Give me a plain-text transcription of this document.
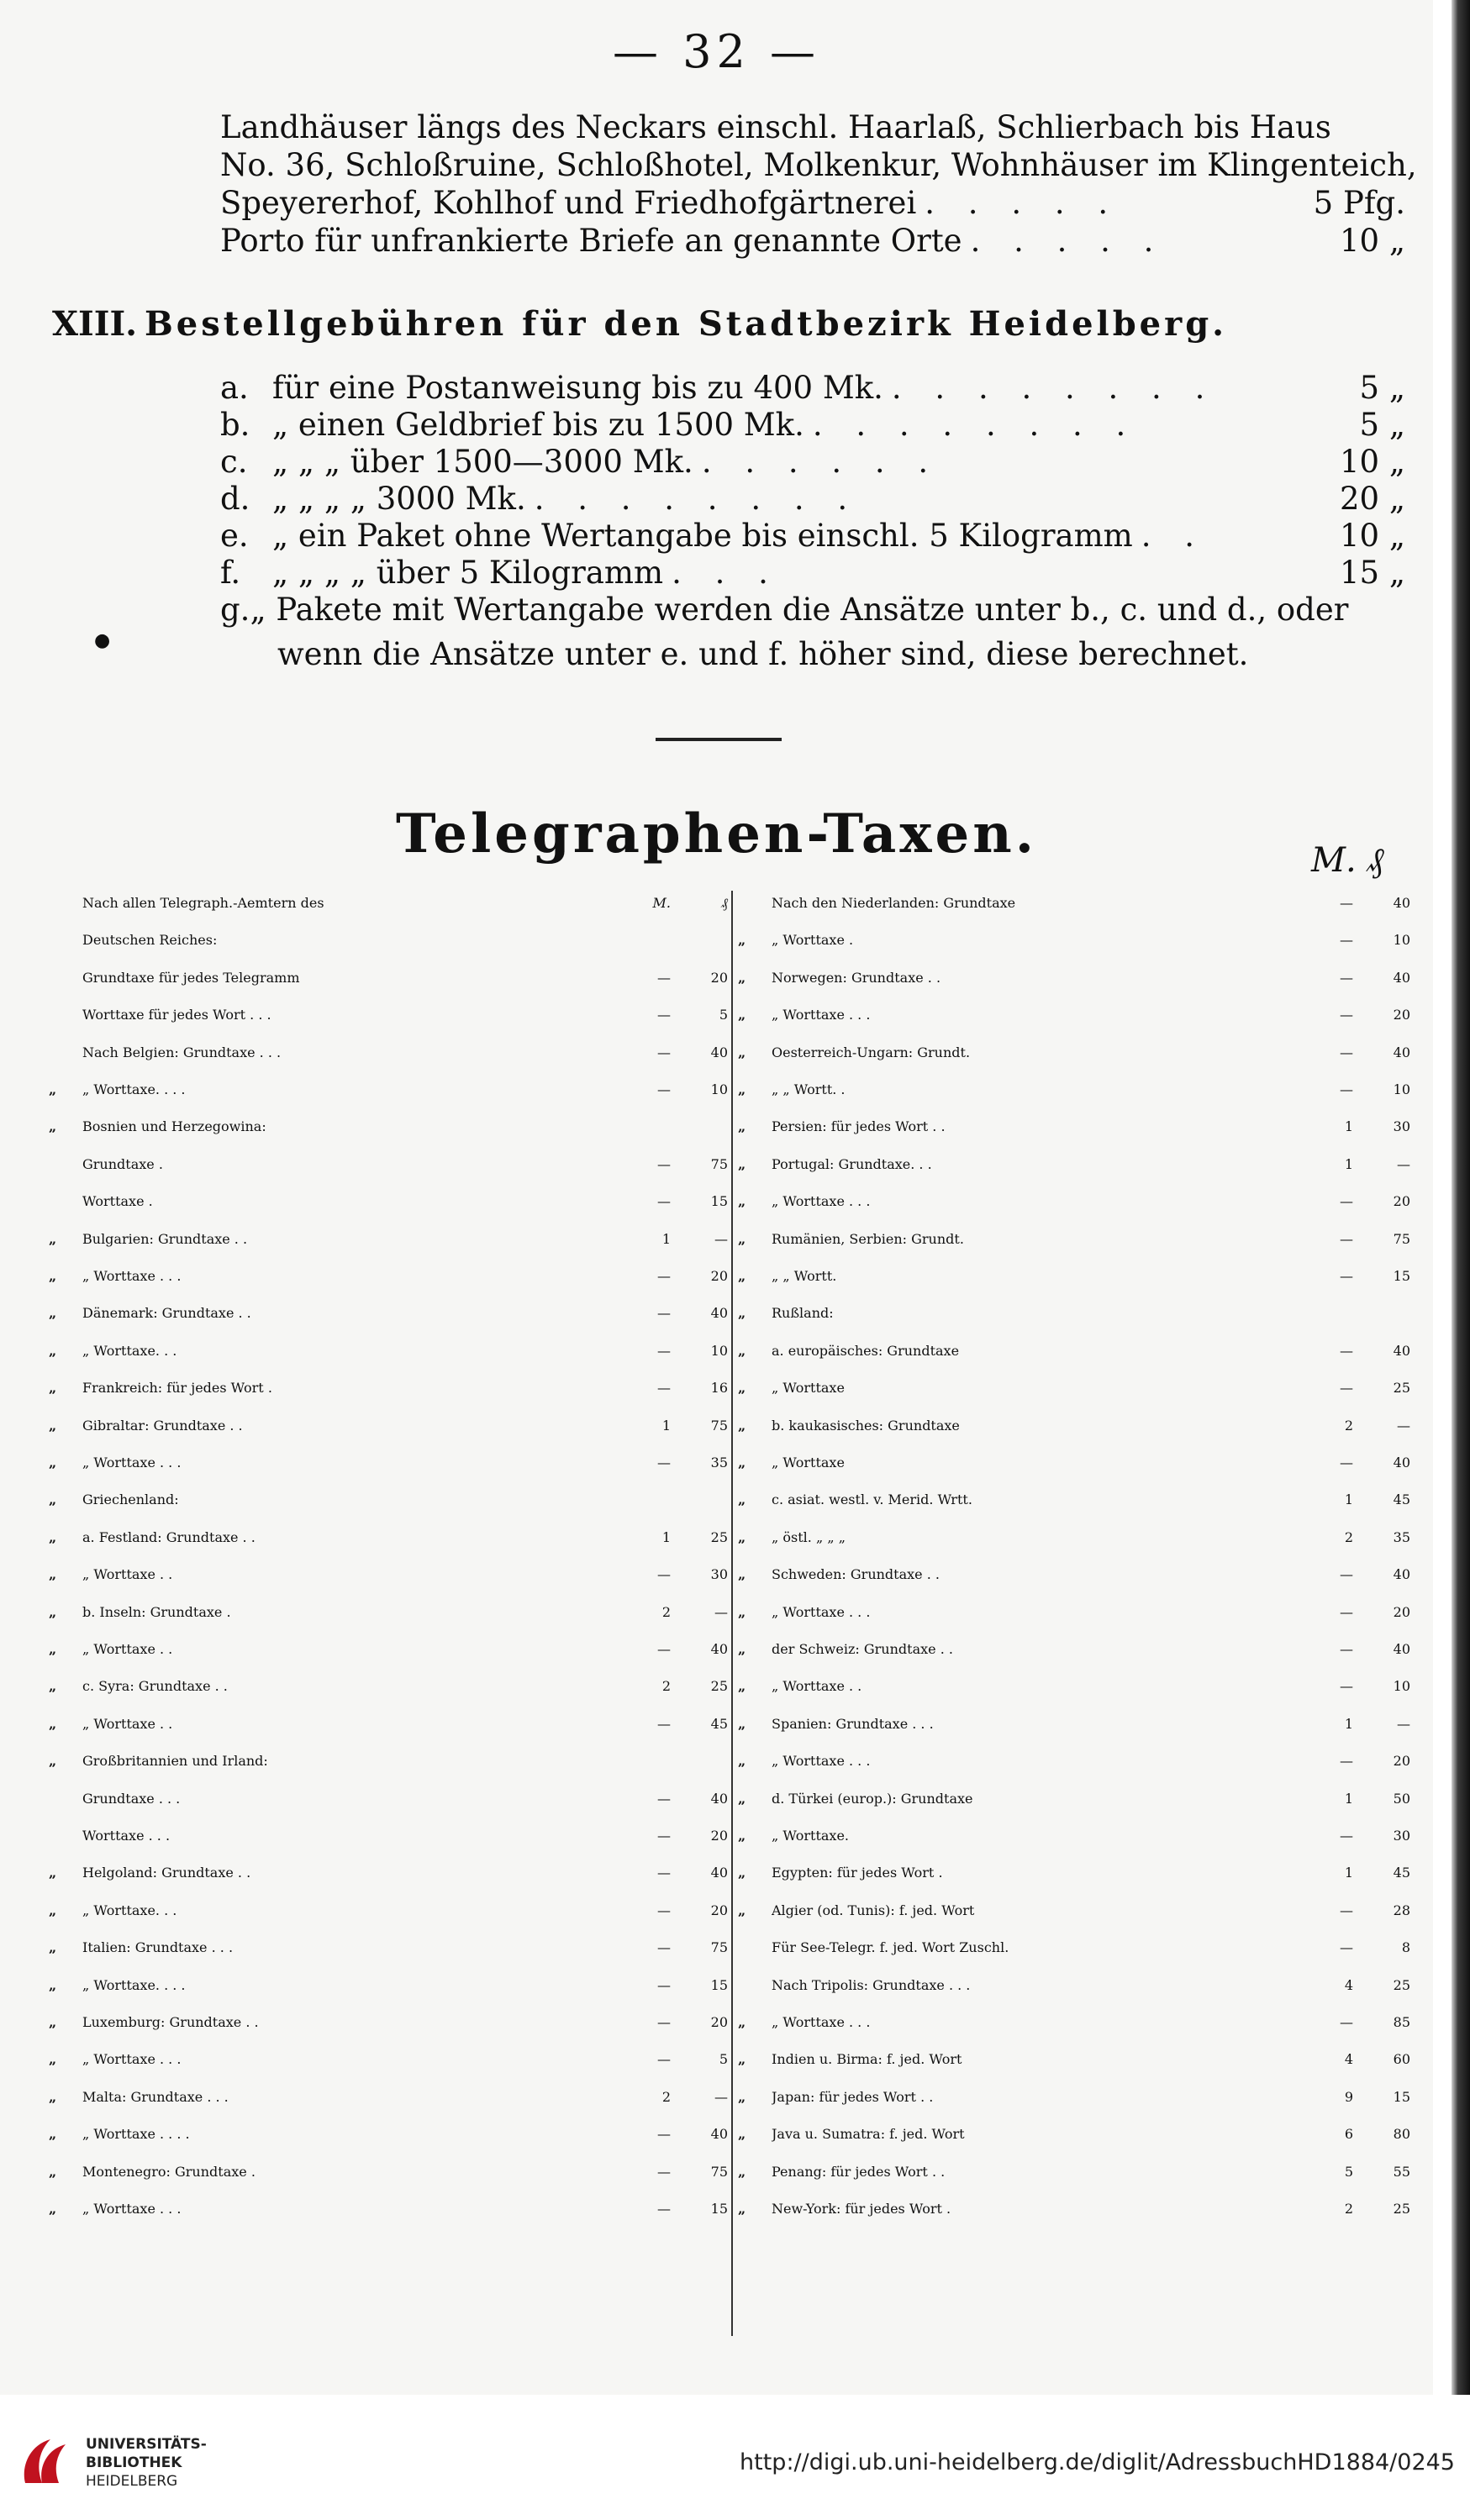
— 32 —
Landhäuser längs des Neckars einschl. Haarlaß, Schlierbach bis Haus
No. 36, Schloßruine, Schloßhotel, Molkenkur, Wohnhäuser im Klingenteich,
Speyererhof, Kohlhof und Friedhofgärtnerei . . . . .	5 Pfg.
Porto für unfrankierte Briefe an genannte Orte . . . . .	10 „
XIII. Bestellgebühren für den Stadtbezirk Heidelberg.
a. für eine Postanweisung bis zu 400 Mk. . . . . . . . .	5 „
b. „ einen Geldbrief bis zu 1500 Mk. . . . . . . . .	5 „
c. „ „ „ über 1500—3000 Mk. . . . . . .	10 „
d. „ „ „ „ 3000 Mk. . . . . . . . .	20 „
e. „ ein Paket ohne Wertangabe bis einschl. 5 Kilogramm . .	10 „
f.	„ „ „ „ über 5 Kilogramm . . .	15 „
g. „ Pakete mit Wertangabe werden die Ansätze unter b., c. und d., oder
●	wenn die Ansätze unter e. und f. höher sind, diese berechnet.
Telegraphen-Taxen.	M. ₰
Nach allen Telegraph.-Aemtern des	M.	₰
Deutschen Reiches:
Grundtaxe für jedes Telegramm	—	20
Worttaxe für jedes Wort . . .	—	5
Nach Belgien: Grundtaxe . . .	—	40
„	„ Worttaxe. . . .	—	10
„	Bosnien und Herzegowina:
Grundtaxe .	—	75
Worttaxe .	—	15
„	Bulgarien: Grundtaxe . .	1	—
„	„ Worttaxe . . .	—	20
„	Dänemark: Grundtaxe . .	—	40
„	„ Worttaxe. . .	—	10
„	Frankreich: für jedes Wort .	—	16
„	Gibraltar: Grundtaxe . .	1	75
„	„ Worttaxe . . .	—	35
„	Griechenland:
„	a. Festland: Grundtaxe . .	1	25
„	„ Worttaxe . .	—	30
„	b. Inseln: Grundtaxe .	2	—
„	„ Worttaxe . .	—	40
„	c. Syra: Grundtaxe . .	2	25
„	„ Worttaxe . .	—	45
„	Großbritannien und Irland:
Grundtaxe . . .	—	40
Worttaxe . . .	—	20
„	Helgoland: Grundtaxe . .	—	40
„	„ Worttaxe. . .	—	20
„	Italien: Grundtaxe . . .	—	75
„	„ Worttaxe. . . .	—	15
„	Luxemburg: Grundtaxe . .	—	20
„	„ Worttaxe . . .	—	5
„	Malta: Grundtaxe . . .	2	—
„	„ Worttaxe . . . .	—	40
„	Montenegro: Grundtaxe .	—	75
„	„ Worttaxe . . .	—	15
Nach den Niederlanden: Grundtaxe	—	40
„	„ Worttaxe .	—	10
„	Norwegen: Grundtaxe . .	—	40
„	„ Worttaxe . . .	—	20
„	Oesterreich-Ungarn: Grundt.	—	40
„	„ „ Wortt. .	—	10
„	Persien: für jedes Wort . .	1	30
„	Portugal: Grundtaxe. . .	1	—
„	„ Worttaxe . . .	—	20
„	Rumänien, Serbien: Grundt.	—	75
„	„ „ Wortt.	—	15
„	Rußland:
„	a. europäisches: Grundtaxe	—	40
„	„ Worttaxe	—	25
„	b. kaukasisches: Grundtaxe	2	—
„	„ Worttaxe	—	40
„	c. asiat. westl. v. Merid. Wrtt.	1	45
„	„ östl. „ „ „	2	35
„	Schweden: Grundtaxe . .	—	40
„	„ Worttaxe . . .	—	20
„	der Schweiz: Grundtaxe . .	—	40
„	„ Worttaxe . .	—	10
„	Spanien: Grundtaxe . . .	1	—
„	„ Worttaxe . . .	—	20
„	d. Türkei (europ.): Grundtaxe	1	50
„	„ Worttaxe.	—	30
„	Egypten: für jedes Wort .	1	45
„	Algier (od. Tunis): f. jed. Wort	—	28
Für See-Telegr. f. jed. Wort Zuschl.	—	8
Nach Tripolis: Grundtaxe . . .	4	25
„	„ Worttaxe . . .	—	85
„	Indien u. Birma: f. jed. Wort	4	60
„	Japan: für jedes Wort . .	9	15
„	Java u. Sumatra: f. jed. Wort	6	80
„	Penang: für jedes Wort . .	5	55
„	New-York: für jedes Wort .	2	25
UNIVERSITÄTS-
BIBLIOTHEK
HEIDELBERG
http://digi.ub.uni-heidelberg.de/diglit/AdressbuchHD1884/0245
